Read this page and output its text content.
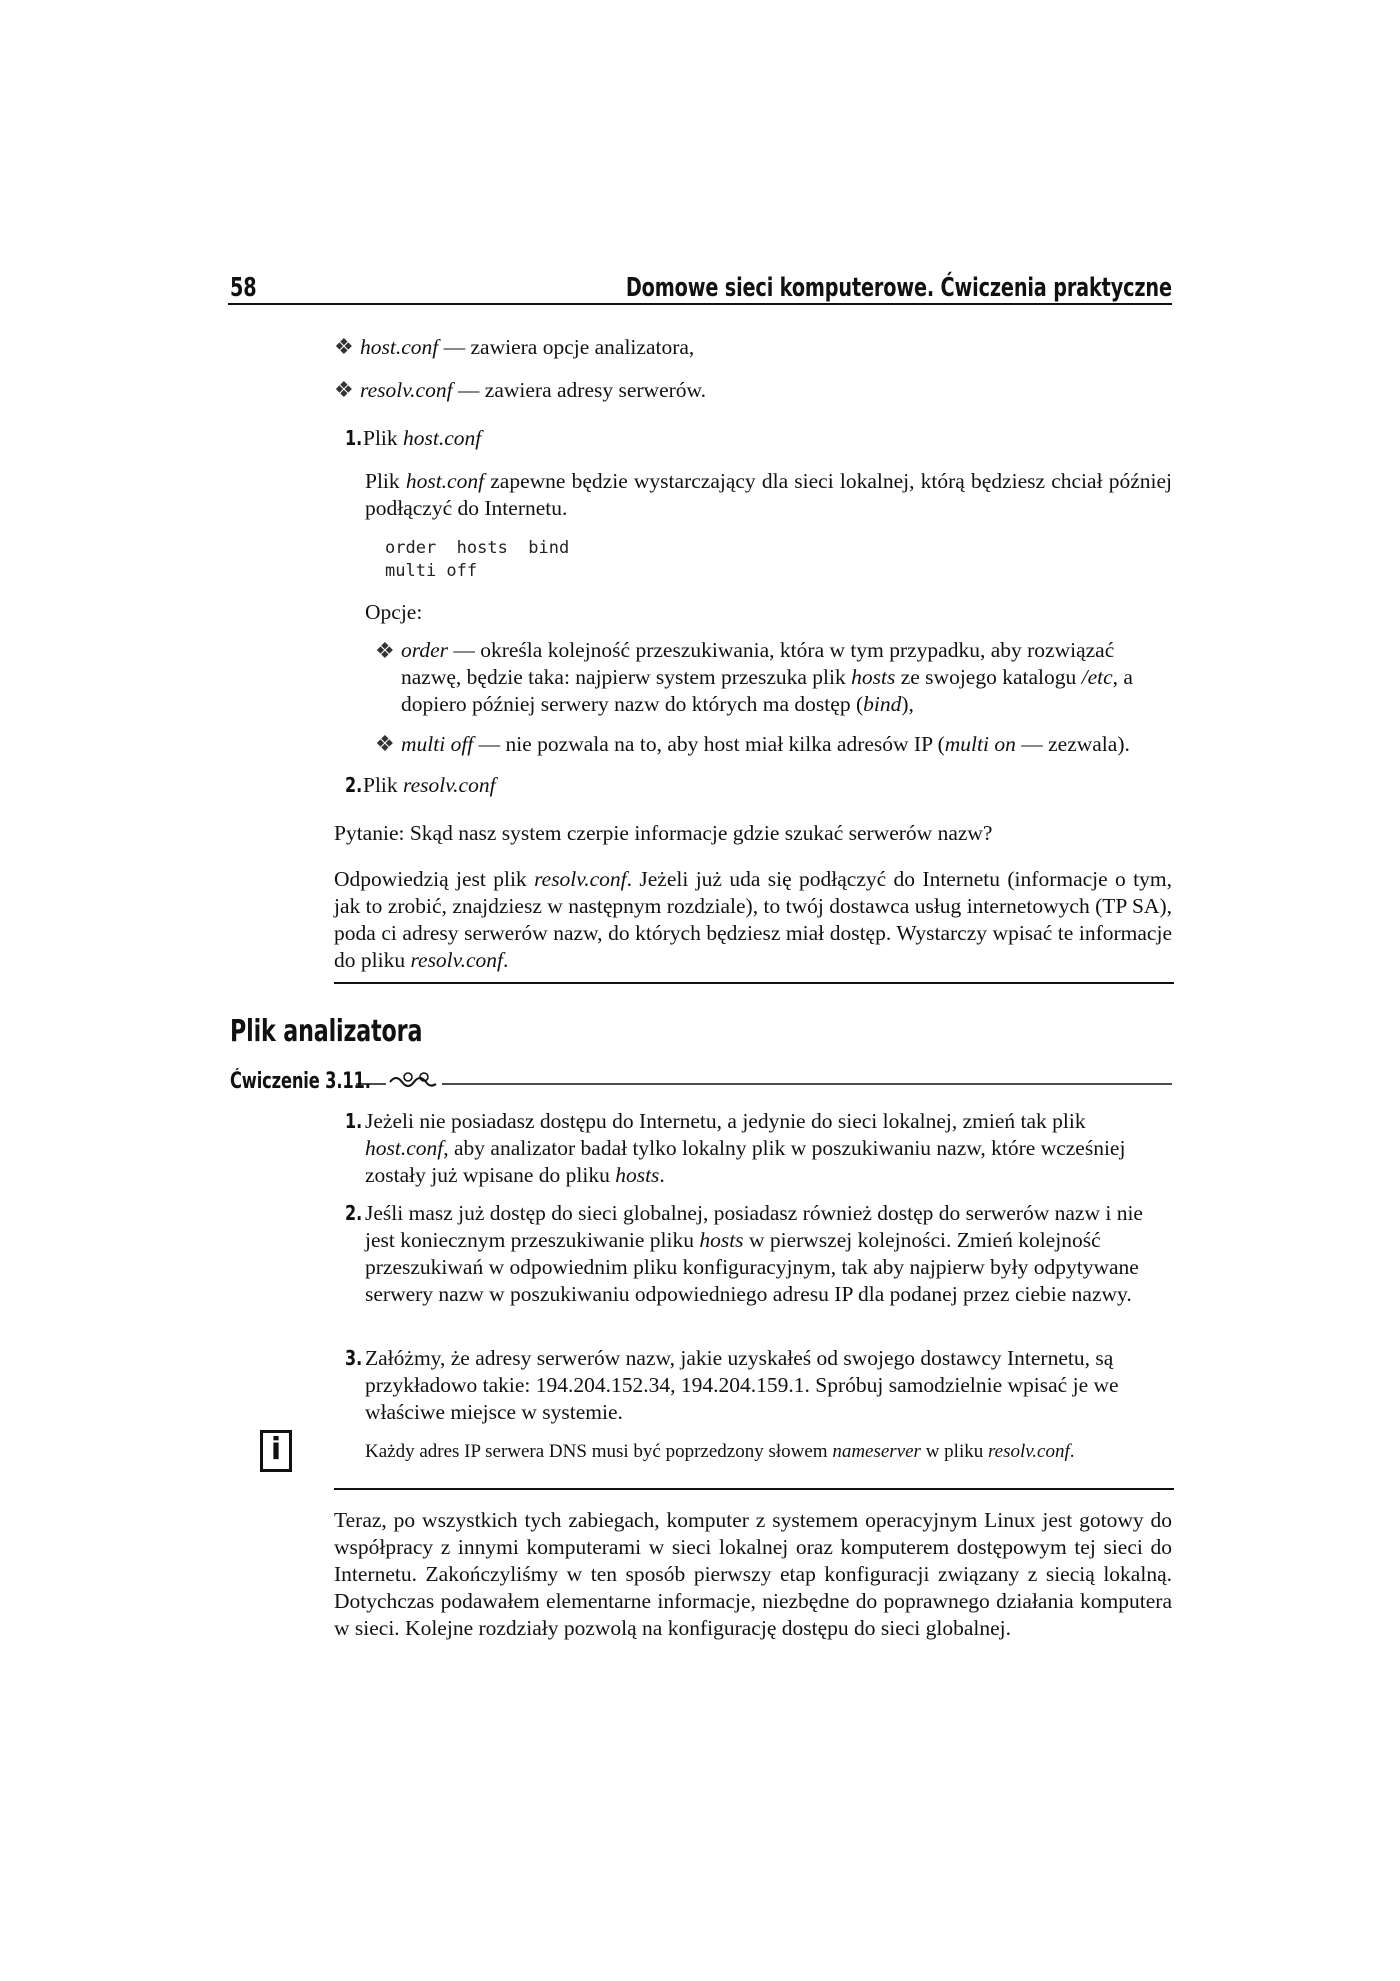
58	Domowe sieci komputerowe. Ćwiczenia praktyczne
❖ host.conf — zawiera opcje analizatora,
❖ resolv.conf — zawiera adresy serwerów.
1.Plik host.conf
Plik host.conf zapewne będzie wystarczający dla sieci lokalnej, którą będziesz chciał później podłączyć do Internetu.
order  hosts  bind
multi off
Opcje:
❖ order — określa kolejność przeszukiwania, która w tym przypadku, aby rozwiązać nazwę, będzie taka: najpierw system przeszuka plik hosts ze swojego katalogu /etc, a dopiero później serwery nazw do których ma dostęp (bind),
❖ multi off — nie pozwala na to, aby host miał kilka adresów IP (multi on — zezwala).
2.Plik resolv.conf
Pytanie: Skąd nasz system czerpie informacje gdzie szukać serwerów nazw?
Odpowiedzią jest plik resolv.conf. Jeżeli już uda się podłączyć do Internetu (informacje o tym, jak to zrobić, znajdziesz w następnym rozdziale), to twój dostawca usług internetowych (TP SA), poda ci adresy serwerów nazw, do których będziesz miał dostęp. Wystarczy wpisać te informacje do pliku resolv.conf.
Plik analizatora
Ćwiczenie 3.11.
1. Jeżeli nie posiadasz dostępu do Internetu, a jedynie do sieci lokalnej, zmień tak plik host.conf, aby analizator badał tylko lokalny plik w poszukiwaniu nazw, które wcześniej zostały już wpisane do pliku hosts.
2. Jeśli masz już dostęp do sieci globalnej, posiadasz również dostęp do serwerów nazw i nie jest koniecznym przeszukiwanie pliku hosts w pierwszej kolejności. Zmień kolejność przeszukiwań w odpowiednim pliku konfiguracyjnym, tak aby najpierw były odpytywane serwery nazw w poszukiwaniu odpowiedniego adresu IP dla podanej przez ciebie nazwy.
3. Załóżmy, że adresy serwerów nazw, jakie uzyskałeś od swojego dostawcy Internetu, są przykładowo takie: 194.204.152.34, 194.204.159.1. Spróbuj samodzielnie wpisać je we właściwe miejsce w systemie.
i	Każdy adres IP serwera DNS musi być poprzedzony słowem nameserver w pliku resolv.conf.
Teraz, po wszystkich tych zabiegach, komputer z systemem operacyjnym Linux jest gotowy do współpracy z innymi komputerami w sieci lokalnej oraz komputerem dostępowym tej sieci do Internetu. Zakończyliśmy w ten sposób pierwszy etap konfiguracji związany z siecią lokalną. Dotychczas podawałem elementarne informacje, niezbędne do poprawnego działania komputera w sieci. Kolejne rozdziały pozwolą na konfigurację dostępu do sieci globalnej.
